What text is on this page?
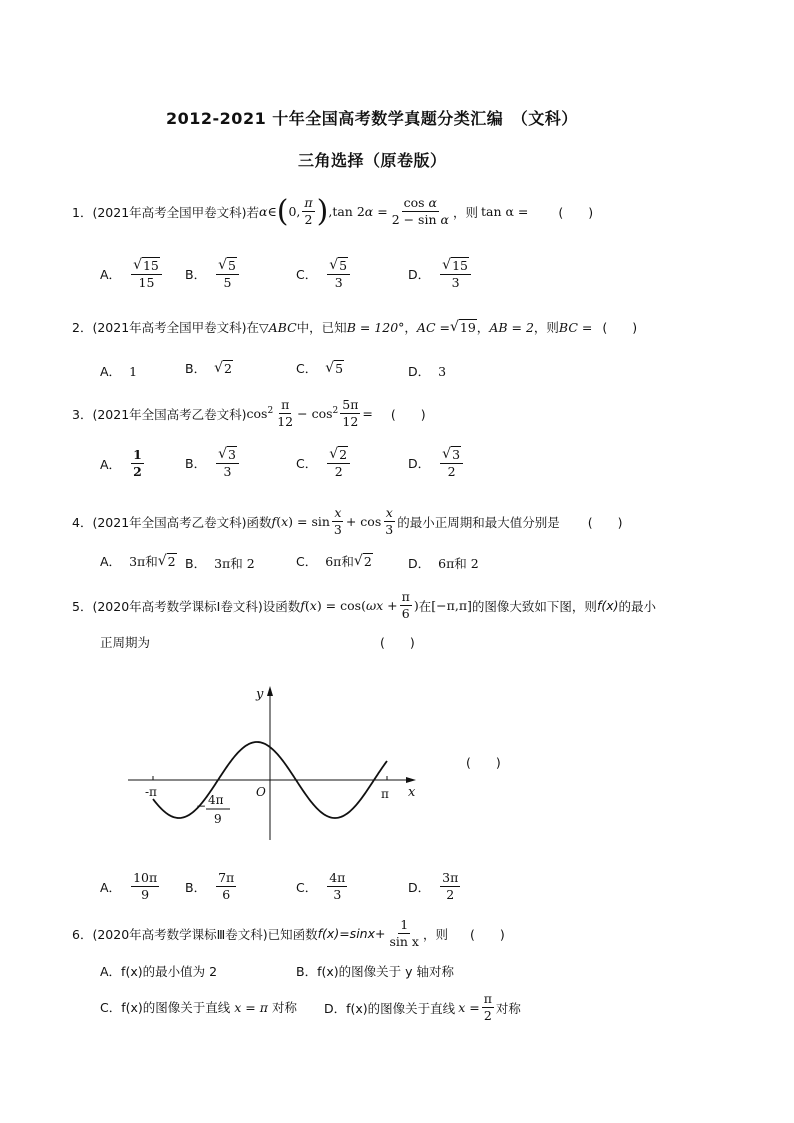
2012-2021 十年全国高考数学真题分类汇编　（文科）
三角选择（原卷版）
1． (2021年高考全国甲卷文科) 若 α∈ ( 0, $\frac{\pi}{2}$ ) ,tan $2\alpha = \frac{\text{cos α}}{\text{2 − sin α}}$ ，则 tan α = (　　)
A． $\frac{√ 15}{15}$ B． $\frac{√ 5}{5}$	C． $\frac{√ 5}{3}$	D． $\frac{√ 15}{3}$
2． (2021年高考全国甲卷文科) 在 ▽ABC 中，已知 B = 120° ， AC = √ 19 ， AB = 2 ，则 BC = (　　)
A． 1	B． √ 2	C． √ 5	D． 3
3． (2021年全国高考乙卷文科) $\cos^2 \frac{\pi}{12} - \cos^2 \frac{5\pi}{12}$ = (　　)
A． $\frac{1}{2}$	B． $\frac{√ 3}{3}$	C． $\frac{√ 2}{2}$	D． $\frac{√ 3}{2}$
4． (2021年全国高考乙卷文科) 函数 $f(x) = \sin \frac{x}{3} + \cos \frac{x}{3}$ 的最小正周期和最大值分别是 (　　)
A． 3π和 √ 2 B． 3π和 2	C． 6π和 √ 2	D． 6π和 2
5． (2020年高考数学课标Ⅰ卷文科) 设函数 $f(x) = \cos(\omega x + \frac{\pi}{6}$ ) 在 [−π,π] 的图像大致如下图，则 f(x) 的最小
正周期为	(　　)
y
x
O
-π	π
− 4π
9
(　　)
A． $\frac{10\pi}{9}$ B． $\frac{7\pi}{6}$	C． $\frac{4\pi}{3}$	D． $\frac{3\pi}{2}$
6． (2020年高考数学课标Ⅲ卷文科) 已知函数 $f(x)=\sin x+ \frac{1}{\text{sin x}}$ ，则 (　　)
A．f(x)的最小值为 2	B．f(x)的图像关于 y 轴对称
C．f(x)的图像关于直线 x = π 对称 D．f(x)的图像关于直线 $x = \frac{\pi}{2}$ 对称
